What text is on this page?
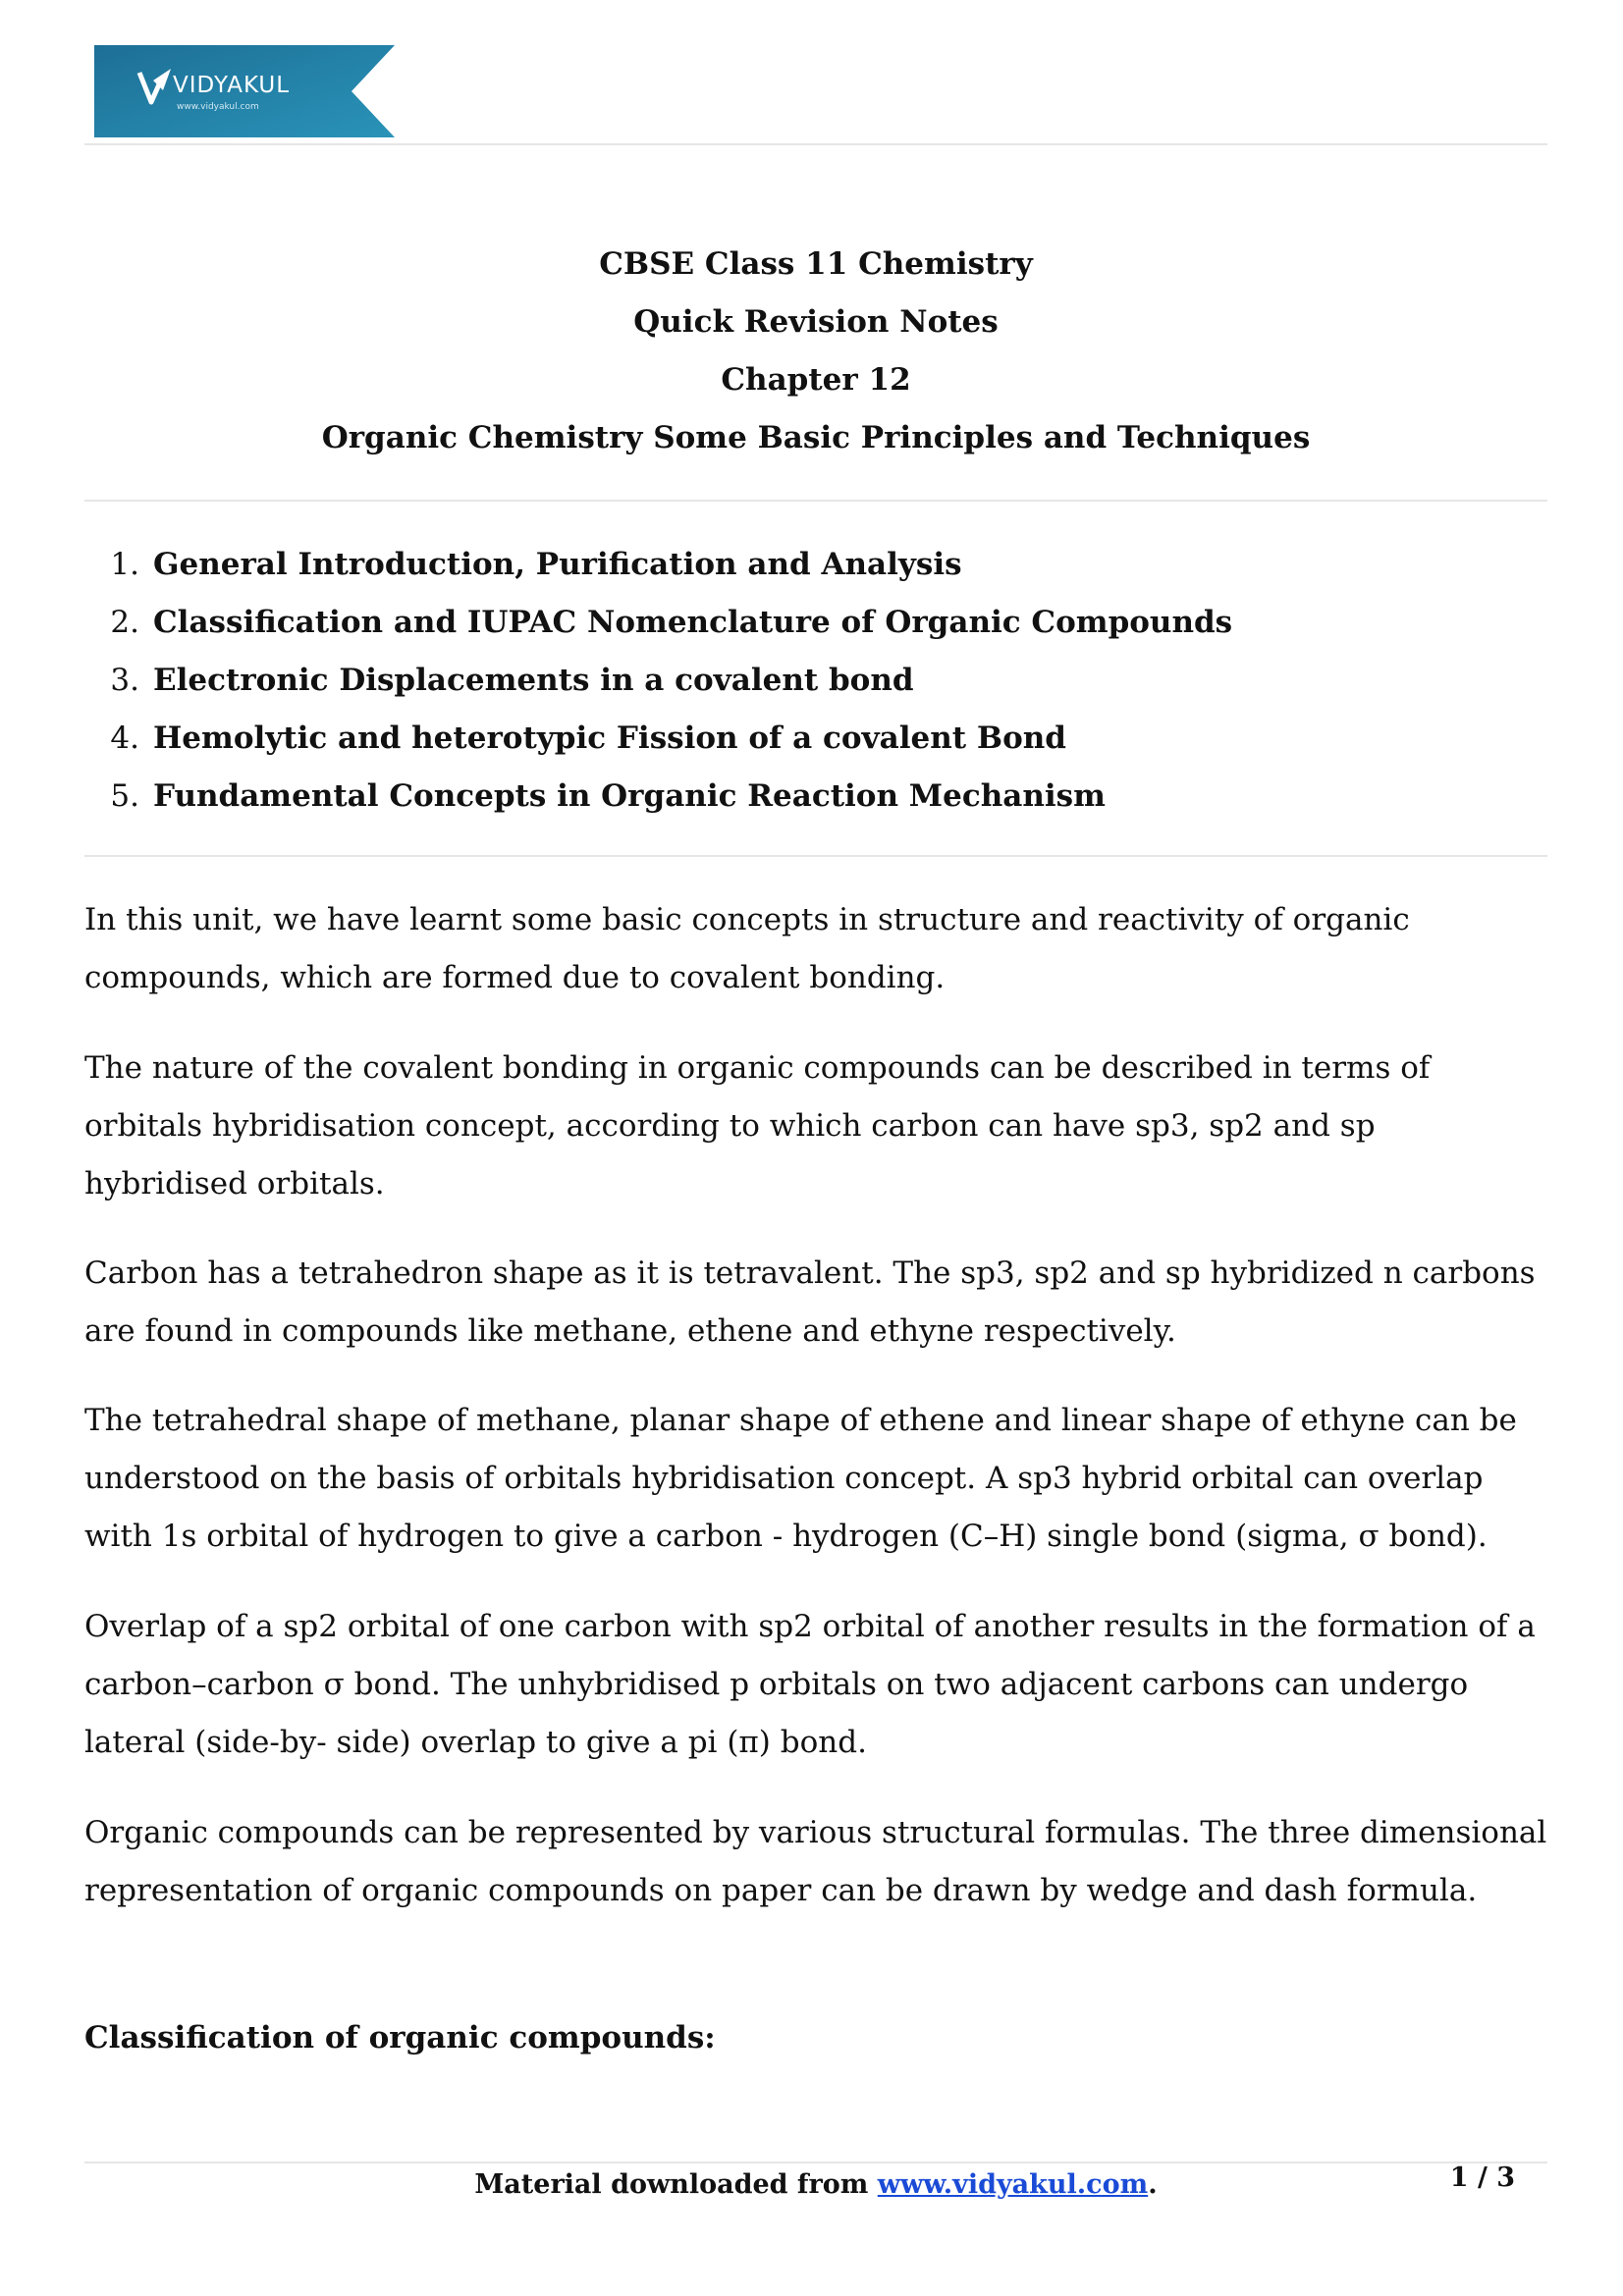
VIDYAKUL
www.vidyakul.com
CBSE Class 11 Chemistry
Quick Revision Notes
Chapter 12
Organic Chemistry Some Basic Principles and Techniques
1. General Introduction, Purification and Analysis
2. Classification and IUPAC Nomenclature of Organic Compounds
3. Electronic Displacements in a covalent bond
4. Hemolytic and heterotypic Fission of a covalent Bond
5. Fundamental Concepts in Organic Reaction Mechanism

In this unit, we have learnt some basic concepts in structure and reactivity of organic compounds, which are formed due to covalent bonding.

The nature of the covalent bonding in organic compounds can be described in terms of orbitals hybridisation concept, according to which carbon can have sp3, sp2 and sp hybridised orbitals.

Carbon has a tetrahedron shape as it is tetravalent. The sp3, sp2 and sp hybridized n carbons are found in compounds like methane, ethene and ethyne respectively.

The tetrahedral shape of methane, planar shape of ethene and linear shape of ethyne can be understood on the basis of orbitals hybridisation concept. A sp3 hybrid orbital can overlap with 1s orbital of hydrogen to give a carbon - hydrogen (C–H) single bond (sigma, σ bond).

Overlap of a sp2 orbital of one carbon with sp2 orbital of another results in the formation of a carbon–carbon σ bond. The unhybridised p orbitals on two adjacent carbons can undergo lateral (side-by- side) overlap to give a pi (π) bond.

Organic compounds can be represented by various structural formulas. The three dimensional representation of organic compounds on paper can be drawn by wedge and dash formula.

Classification of organic compounds:

Material downloaded from www.vidyakul.com.	1 / 3
